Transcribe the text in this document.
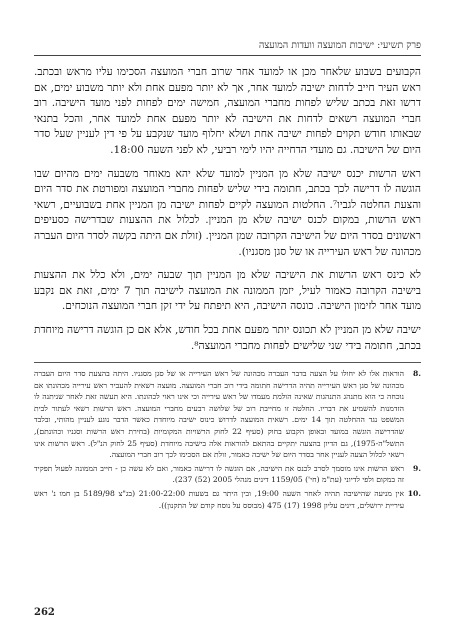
פרק תשיעי: ישיבות המועצה וועדות המועצה

הקבועים בשבוע שלאחר מכן או למועד אחר שרוב חברי המועצה הסכימו עליו מראש ובכתב. ראש העיר חייב לדחות ישיבה למועד אחר, אך לא יותר מפעם אחת ולא יותר משבוע ימים, אם דרשו זאת בכתב שליש לפחות מחברי המועצה, חמישה ימים לפחות לפני מועד הישיבה. רוב חברי המועצה רשאים לדחות את הישיבה לא יותר מפעם אחת למועד אחר, והכל בתנאי שבאותו חודש תקוים לפחות ישיבה אחת ושלא יחלוף מועד שנקבע על פי דין לעניין שעל סדר היום של הישיבה. גם מועדי הדחייה יהיו לימי רביעי, לא לפני השעה 18:00.

ראש הרשות יכנס ישיבה שלא מן המניין למועד שלא יהא מאוחר משבעה ימים מהיום שבו הוגשה לו דרישה לכך בכתב, חתומה בידי שליש לפחות מחברי המועצה ומפורטת את סדר היום והצעת החלטה לגביו⁷. החלטות המועצה לקיים לפחות ישיבה מן המניין אחת בשבועיים, רשאי ראש הרשות, במקום לכנס ישיבה שלא מן המניין. לכלול את ההצעות שבדרישה כסעיפים ראשונים בסדר היום של הישיבה הקרובה שמן המניין. (זולת אם היתה בקשה לסדר היום העברה מכהונה של ראש העירייה או של סגן מסגניו).

לא כינס ראש הרשות את הישיבה שלא מן המניין תוך שבעה ימים, ולא כלל את ההצעות בישיבה הקרובה כאמור לעיל, יזמן הממונה את המועצה לישיבה תוך 7 ימים, זאת אם נקבע מועד אחר לזימון הישיבה. כונסה הישיבה, היא תיפתח על ידי זקן חברי המועצה הנוכחים.

ישיבה שלא מן המניין לא תכונס יותר מפעם אחת בכל חודש, אלא אם כן הוגשה דרישה מיוחדת בכתב, חתומה בידי שני שלישים לפחות מחברי המועצה⁸.

.8
הוראות אלו לא יחולו על הצעה בדבר העברה מכהונה של ראש העירייה או של סגן מסגניו. היתה בהצעת סדר היום העברה מכהונה של סגן ראש העירייה תהיה הדרישה חתומה בידי רוב חברי המועצה. מועצה רשאית להעביר ראש עירייה מכהונתו אם נוכחה כי הוא מתנהג התנהגות שאינה הולמת מעמדו של ראש עירייה וכי אינו ראוי לכהונתו. היא תעשה זאת לאחר שניתנה לו הזדמנות להשמיע את דבריו. החלטה זו מחייבת רוב של שלושה רבעים מחברי המועצה. ראש הרשות רשאי לעתור לבית המשפט נגד ההחלטה תוך 14 ימים. רשאית המועצה לדרוש כינוס ישיבה מיוחדת כאשר הדבר נוגע לעניין מהותי, ובלבד שהדרישה הוגשה במועד ובאופן הקבוע בחוק (סעיף 22 לחוק הרשויות המקומיות (בחירת ראש הרשות וסגניו וכהונתם), התשל"ה-1975), גם הדיון בהצעה יתקיים בהתאם להוראות אלה בישיבה מיוחדת (סעיף 25 לחוק הנ"ל). ראש הרשות אינו רשאי לכלול הצעה לעניין אחר בסדר היום של ישיבה כאמור, זולת אם הסכימו לכך רוב חברי המועצה.
.9
ראש הרשות אינו מוסמך לסרב לכנס את הישיבה, אם הוגשה לו דרישה כאמור, ואם לא עשה כן - חייב הממונה לפעול תפקיד זה במקום ולפי לדיוני (עת"מ (חי') 1159/05 דינים מנהלי 2005 (52) 237).
.10
אין מניעה שהישיבה תהיה לאחר השעה 19:00, ובין היתר גם בשעות 21:00-22:00 (בג"צ 5189/98 בן חמו נ' ראש עיריית ירושלים, דינים עליון 1998 (17) 475 (מבוסס על נוסח קודם של התקנון)).
262
